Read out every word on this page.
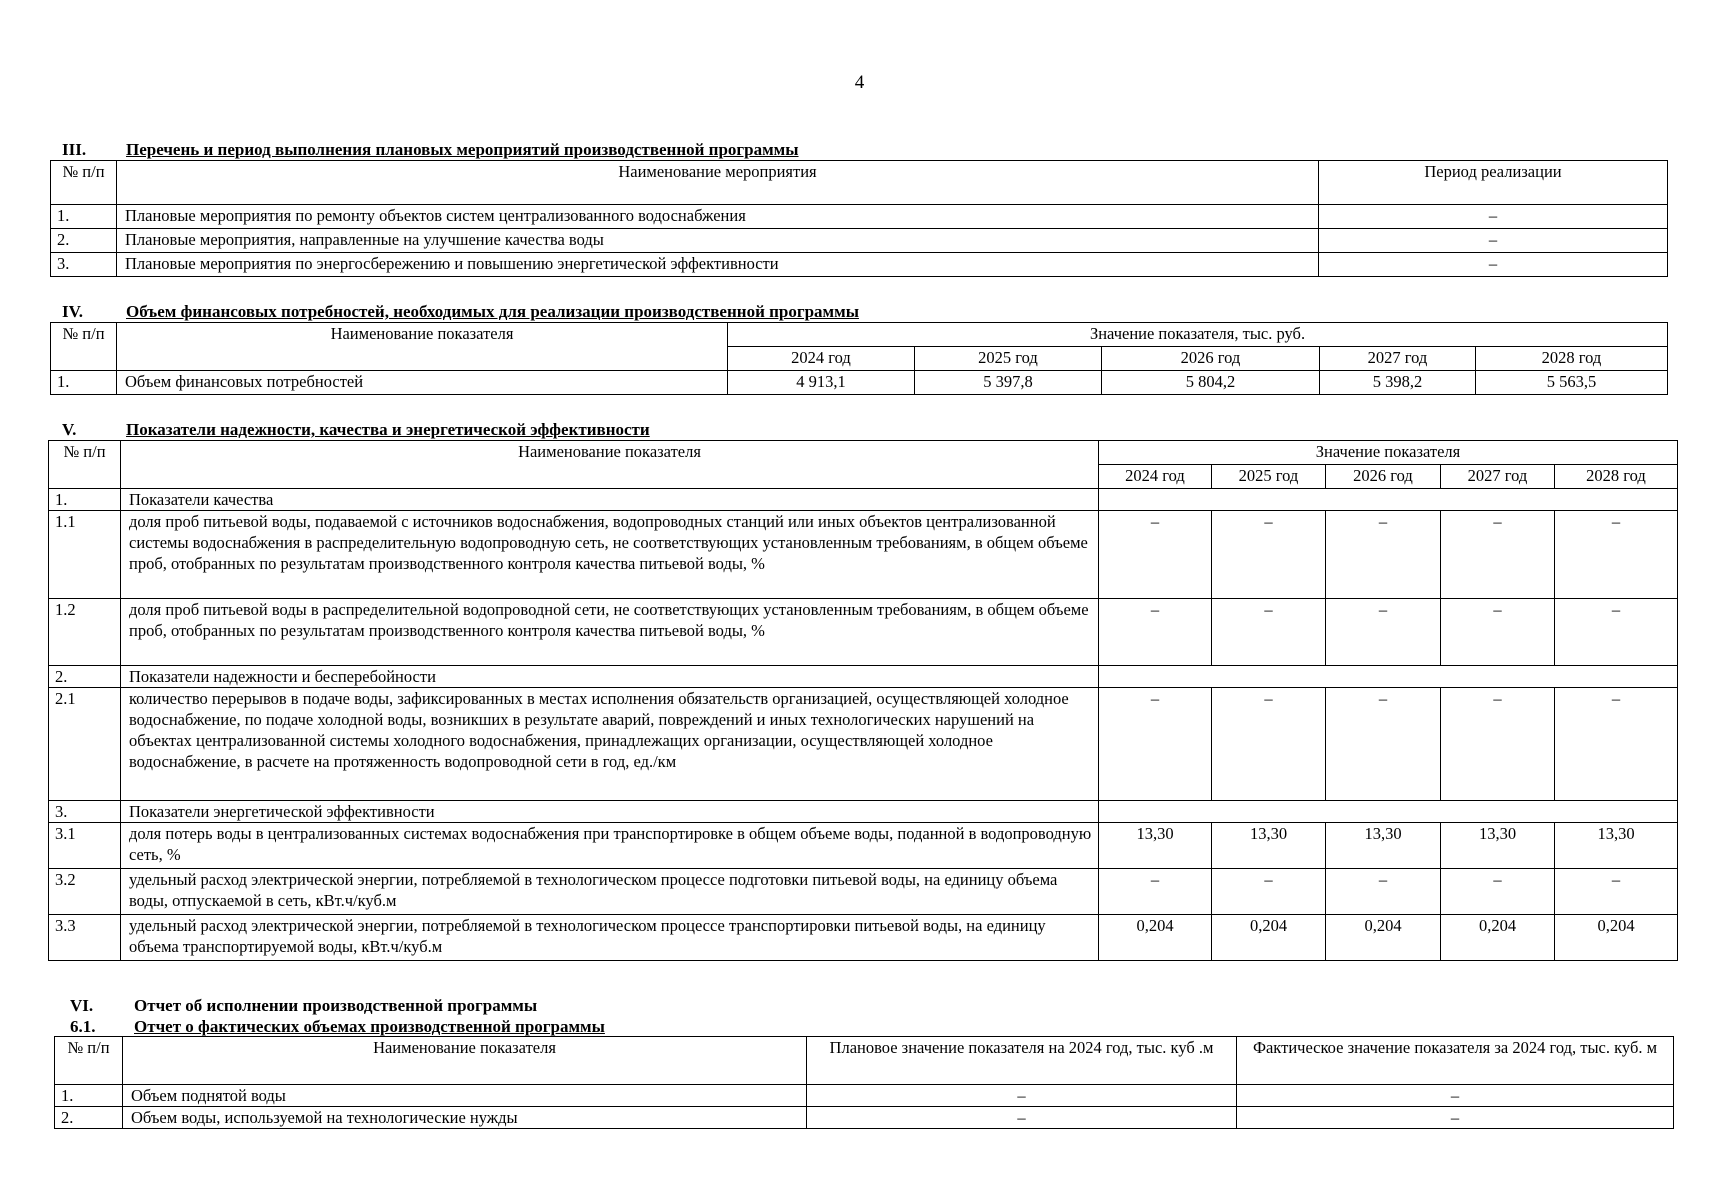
4
III. Перечень и период выполнения плановых мероприятий производственной программы
№ п/п	Наименование мероприятия	Период реализации
1.	Плановые мероприятия по ремонту объектов систем централизованного водоснабжения	–
2.	Плановые мероприятия, направленные на улучшение качества воды	–
3.	Плановые мероприятия по энергосбережению и повышению энергетической эффективности	–
IV.	Объем финансовых потребностей, необходимых для реализации производственной программы
№ п/п	Наименование показателя	Значение показателя, тыс. руб.				
		2024 год	2025 год	2026 год	2027 год	2028 год
1.	Объем финансовых потребностей	4 913,1	5 397,8	5 804,2	5 398,2	5 563,5
V.	Показатели надежности, качества и энергетической эффективности
№ п/п	Наименование показателя	Значение показателя				
		2024 год	2025 год	2026 год	2027 год	2028 год
1.	Показатели качества					
1.1	доля проб питьевой воды, подаваемой с источников водоснабжения, водопроводных станций или иных объектов централизованной системы водоснабжения в распределительную водопроводную сеть, не соответствующих установленным требованиям, в общем объеме проб, отобранных по результатам производственного контроля качества питьевой воды, %	–	–	–	–	–
1.2	доля проб питьевой воды в распределительной водопроводной сети, не соответствующих установленным требованиям, в общем объеме проб, отобранных по результатам производственного контроля качества питьевой воды, %	–	–	–	–	–
2.	Показатели надежности и бесперебойности					
2.1	количество перерывов в подаче воды, зафиксированных в местах исполнения обязательств организацией, осуществляющей холодное водоснабжение, по подаче холодной воды, возникших в результате аварий, повреждений и иных технологических нарушений на объектах централизованной системы холодного водоснабжения, принадлежащих организации, осуществляющей холодное водоснабжение, в расчете на протяженность водопроводной сети в год, ед./км	–	–	–	–	–
3.	Показатели энергетической эффективности					
3.1	доля потерь воды в централизованных системах водоснабжения при транспортировке в общем объеме воды, поданной в водопроводную сеть, %	13,30	13,30	13,30	13,30	13,30
3.2	удельный расход электрической энергии, потребляемой в технологическом процессе подготовки питьевой воды, на единицу объема воды, отпускаемой в сеть, кВт.ч/куб.м	–	–	–	–	–
3.3	удельный расход электрической энергии, потребляемой в технологическом процессе транспортировки питьевой воды, на единицу объема транспортируемой воды, кВт.ч/куб.м	0,204	0,204	0,204	0,204	0,204
VI. Отчет об исполнении производственной программы
6.1. Отчет о фактических объемах производственной программы
№ п/п	Наименование показателя	Плановое значение показателя на 2024 год, тыс. куб .м	Фактическое значение показателя за 2024 год, тыс. куб. м
1.	Объем поднятой воды	–	–
2.	Объем воды, используемой на технологические нужды	–	–
